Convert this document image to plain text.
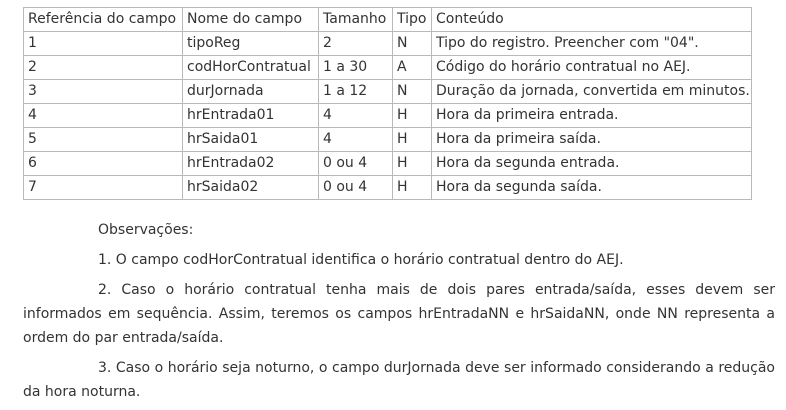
Referência do campo	Nome do campo	Tamanho	Tipo	Conteúdo
1	tipoReg	2	N	Tipo do registro. Preencher com "04".
2	codHorContratual	1 a 30	A	Código do horário contratual no AEJ.
3	durJornada	1 a 12	N	Duração da jornada, convertida em minutos.
4	hrEntrada01	4	H	Hora da primeira entrada.
5	hrSaida01	4	H	Hora da primeira saída.
6	hrEntrada02	0 ou 4	H	Hora da segunda entrada.
7	hrSaida02	0 ou 4	H	Hora da segunda saída.

Observações:

1. O campo codHorContratual identifica o horário contratual dentro do AEJ.

2. Caso o horário contratual tenha mais de dois pares entrada/saída, esses devem ser informados em sequência. Assim, teremos os campos hrEntradaNN e hrSaidaNN, onde NN representa a ordem do par entrada/saída.

3. Caso o horário seja noturno, o campo durJornada deve ser informado considerando a redução da hora noturna.
